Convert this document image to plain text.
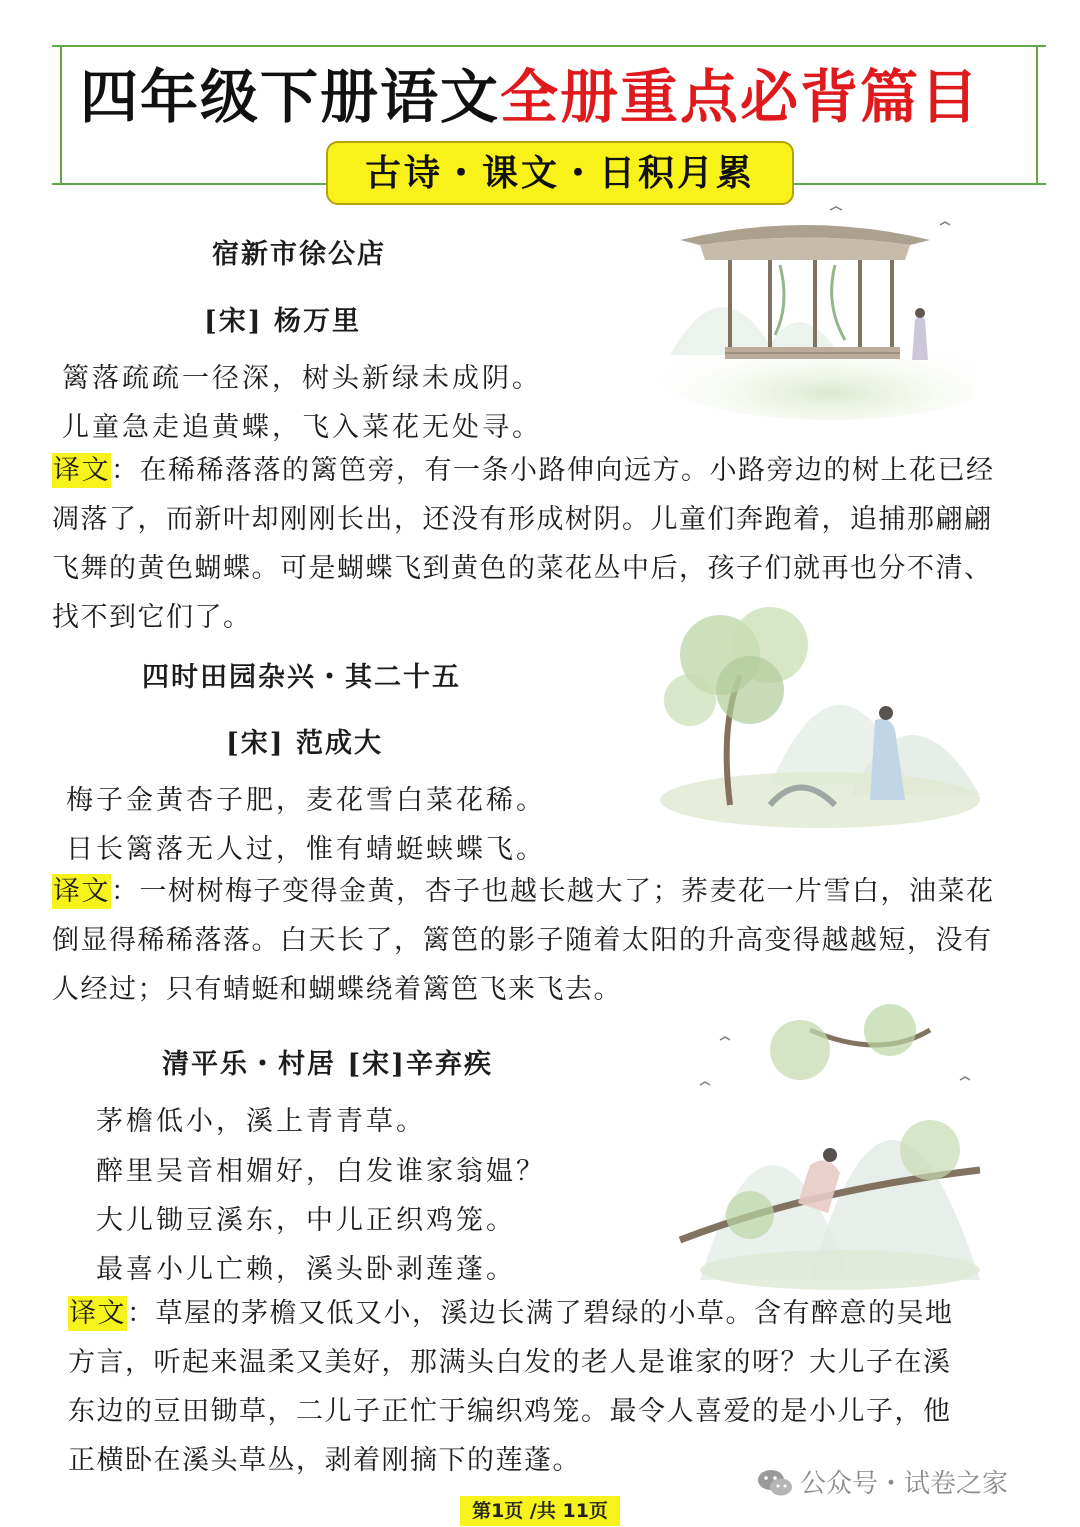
四年级下册语文全册重点必背篇目
古诗・课文・日积月累
宿新市徐公店
[宋] 杨万里
篱落疏疏一径深，树头新绿未成阴。
儿童急走追黄蝶，飞入菜花无处寻。
译文：在稀稀落落的篱笆旁，有一条小路伸向远方。小路旁边的树上花已经
凋落了，而新叶却刚刚长出，还没有形成树阴。儿童们奔跑着，追捕那翩翩
飞舞的黄色蝴蝶。可是蝴蝶飞到黄色的菜花丛中后，孩子们就再也分不清、
找不到它们了。
四时田园杂兴・其二十五
[宋] 范成大
梅子金黄杏子肥，麦花雪白菜花稀。
日长篱落无人过，惟有蜻蜓蛱蝶飞。
译文：一树树梅子变得金黄，杏子也越长越大了；荞麦花一片雪白，油菜花
倒显得稀稀落落。白天长了，篱笆的影子随着太阳的升高变得越越短，没有
人经过；只有蜻蜓和蝴蝶绕着篱笆飞来飞去。
清平乐・村居 [宋]辛弃疾
茅檐低小，溪上青青草。
醉里吴音相媚好，白发谁家翁媪？
大儿锄豆溪东，中儿正织鸡笼。
最喜小儿亡赖，溪头卧剥莲蓬。
译文：草屋的茅檐又低又小，溪边长满了碧绿的小草。含有醉意的吴地
方言，听起来温柔又美好，那满头白发的老人是谁家的呀？大儿子在溪
东边的豆田锄草，二儿子正忙于编织鸡笼。最令人喜爱的是小儿子，他
正横卧在溪头草丛，剥着刚摘下的莲蓬。
公众号・试卷之家
第1页 /共 11页
